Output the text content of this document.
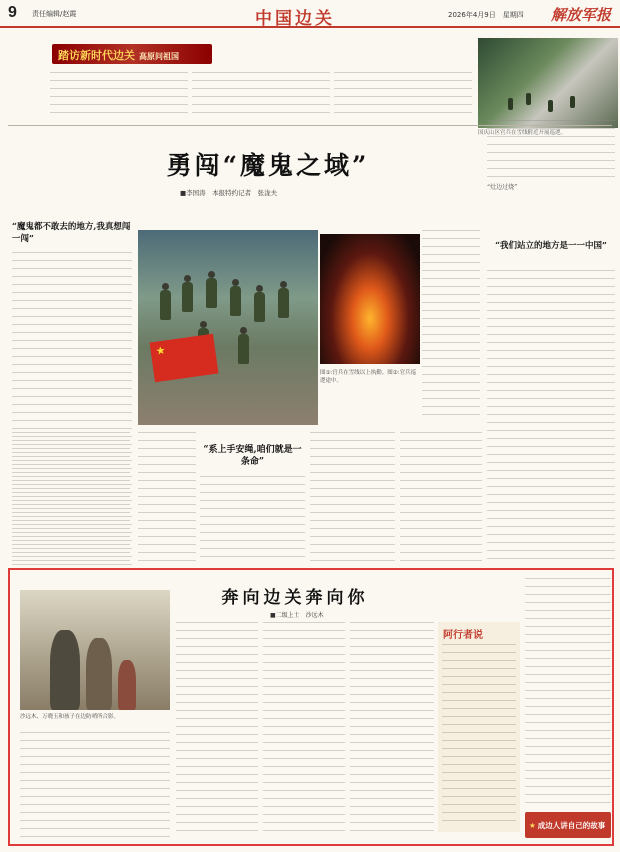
9 责任编辑/赵霞	中国边关	2026年4月9日　星期四 解放军报
踏访新时代边关 高原问祖国
国庆山区官兵在雪线附近开展巡逻。
勇闯“魔鬼之域”
■李国涛　本报特约记者　张泷夫
“魔鬼都不敢去的地方,我真想闯一闯”
★
图①:官兵在雪线以上执勤。图②:官兵巡逻途中。
“灶边过烧”
“我们站立的地方是一一中国”
“系上手安绳,咱们就是一条命”
沙远木、万晓玉和孩子在边防哨所合影。
奔向边关奔向你
■二级上士　沙远木
阿行者说
★ 成边人讲自己的故事
